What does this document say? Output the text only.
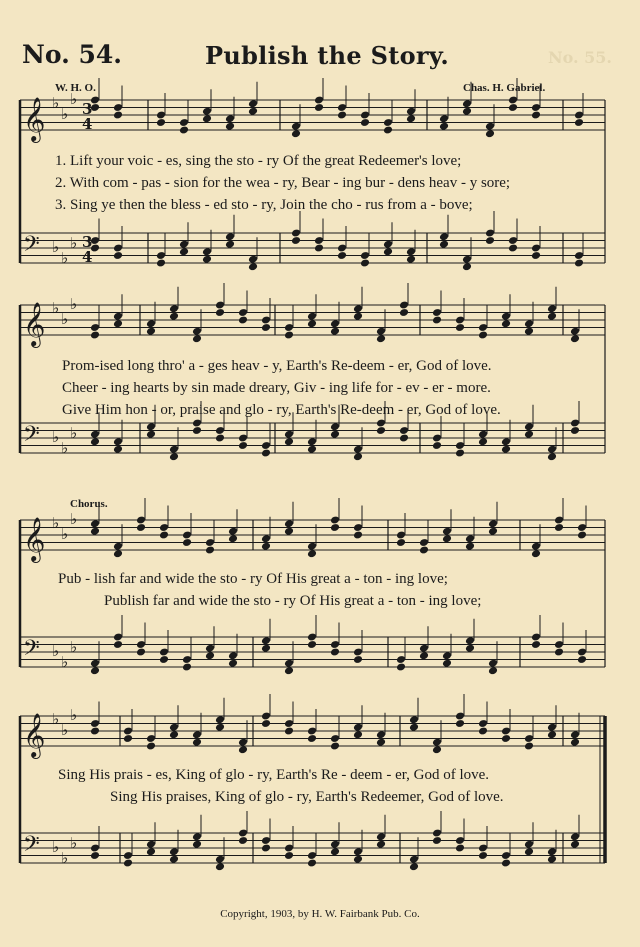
No. 55.
No. 54.	Publish the Story.
W. H. O.	Chas. H. Gabriel.
𝄞 ♭
♭
♭
𝄢 ♭
♭
♭
3
4
3
4
𝄞 ♭
♭
♭
𝄢 ♭
♭
♭
𝄞 ♭
♭
♭
𝄢 ♭
♭
♭
𝄞 ♭
♭
♭
𝄢 ♭
♭
♭
1. Lift your voic - es, sing the sto - ry Of the great Redeemer's love;
2. With com - pas - sion for the wea - ry, Bear - ing bur - dens heav - y sore;
3. Sing ye then the bless - ed sto - ry, Join the cho - rus from a - bove;
Prom-ised long thro' a - ges heav - y, Earth's Re-deem - er, God of love.
Cheer - ing hearts by sin made dreary, Giv - ing life for - ev - er - more.
Give Him hon - or, praise and glo - ry, Earth's Re-deem - er, God of love.
Chorus.
Pub - lish far and wide the sto - ry Of His great a - ton - ing love;
Publish far and wide the sto - ry Of His great a - ton - ing love;
Sing His prais - es, King of glo - ry, Earth's Re - deem - er, God of love.
Sing His praises, King of glo - ry, Earth's Redeemer, God of love.
Copyright, 1903, by H. W. Fairbank Pub. Co.
